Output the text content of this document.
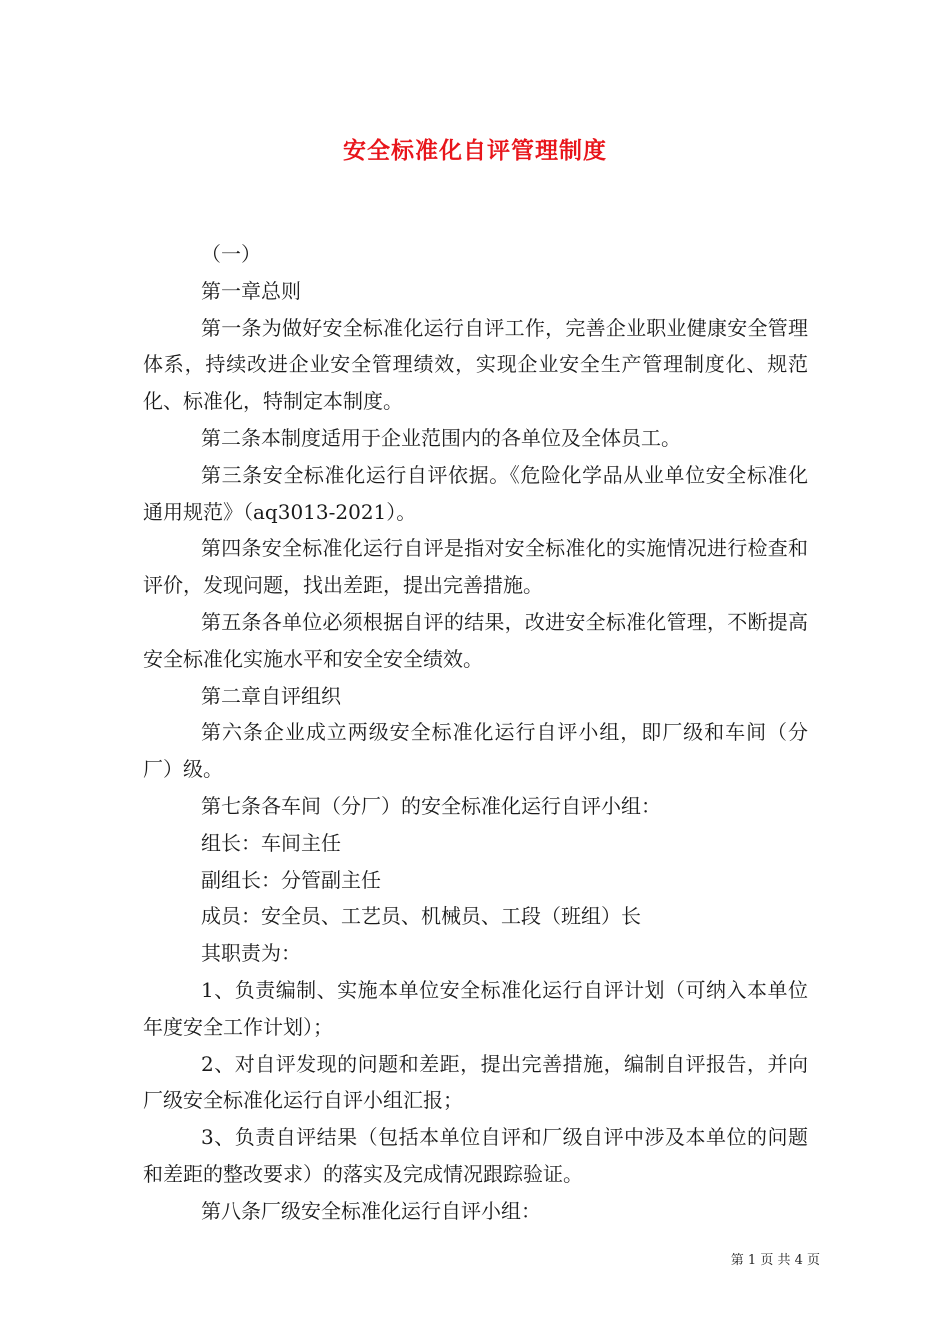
安全标准化自评管理制度

（一）

第一章总则

第一条为做好安全标准化运行自评工作，完善企业职业健康安全管理体系，持续改进企业安全管理绩效，实现企业安全生产管理制度化、规范化、标准化，特制定本制度。

第二条本制度适用于企业范围内的各单位及全体员工。

第三条安全标准化运行自评依据。《危险化学品从业单位安全标准化通用规范》（aq3013-2021）。

第四条安全标准化运行自评是指对安全标准化的实施情况进行检查和评价，发现问题，找出差距，提出完善措施。

第五条各单位必须根据自评的结果，改进安全标准化管理，不断提高安全标准化实施水平和安全安全绩效。

第二章自评组织

第六条企业成立两级安全标准化运行自评小组，即厂级和车间（分厂）级。

第七条各车间（分厂）的安全标准化运行自评小组：

组长：车间主任

副组长：分管副主任

成员：安全员、工艺员、机械员、工段（班组）长

其职责为：

1、负责编制、实施本单位安全标准化运行自评计划（可纳入本单位年度安全工作计划）；

2、对自评发现的问题和差距，提出完善措施，编制自评报告，并向厂级安全标准化运行自评小组汇报；

3、负责自评结果（包括本单位自评和厂级自评中涉及本单位的问题和差距的整改要求）的落实及完成情况跟踪验证。

第八条厂级安全标准化运行自评小组：

第 1 页 共 4 页
